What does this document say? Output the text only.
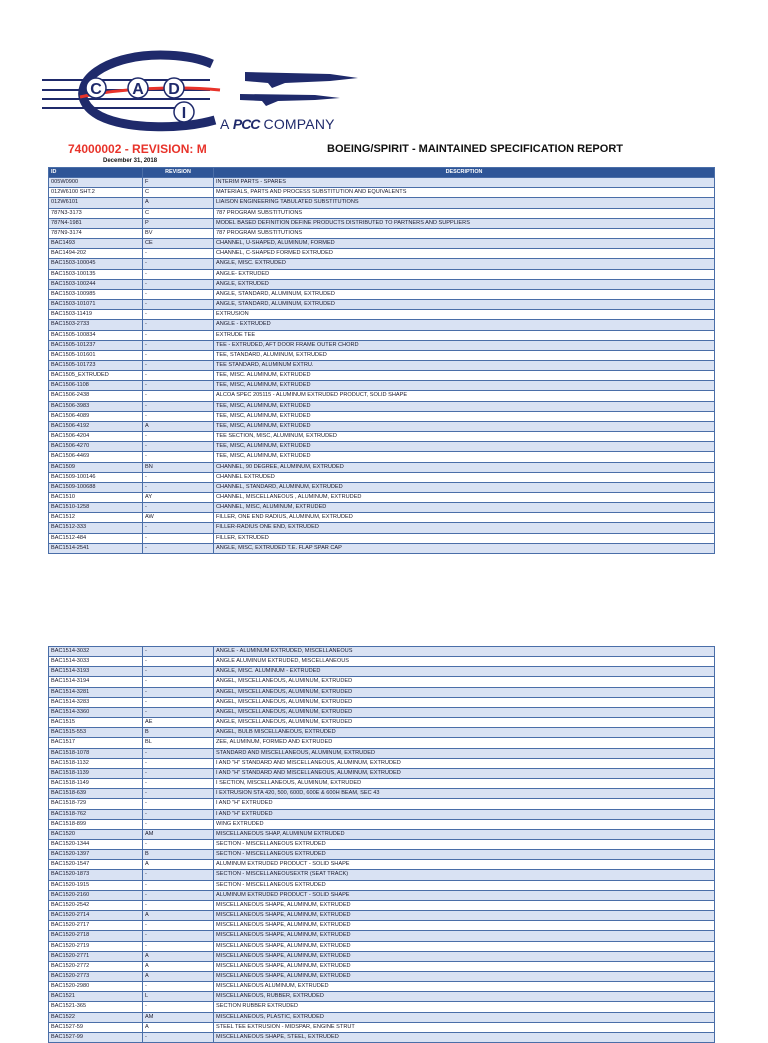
C A D
I
A PCC COMPANY
74000002 - REVISION: M	BOEING/SPIRIT - MAINTAINED SPECIFICATION REPORT
December 31, 2018
ID	REVISION	DESCRIPTION
005W0900	F	INTERIM PARTS - SPARES
012W6100 SHT.2	C	MATERIALS, PARTS AND PROCESS SUBSTITUTION AND EQUIVALENTS
012W6101	A	LIAISON ENGINEERING TABULATED SUBSTITUTIONS
787N3-3173	C	787 PROGRAM SUBSTITUTIONS
787N4-1981	P	MODEL BASED DEFINITION DEFINE PRODUCTS DISTRIBUTED TO PARTNERS AND SUPPLIERS
787N9-3174	BV	787 PROGRAM SUBSTITUTIONS
BAC1493	CE	CHANNEL, U-SHAPED, ALUMINUM, FORMED
BAC1494-202	-	CHANNEL, C-SHAPED FORMED EXTRUDED
BAC1503-100045	-	ANGLE, MISC. EXTRUDED
BAC1503-100135	-	ANGLE- EXTRUDED
BAC1503-100244	-	ANGLE, EXTRUDED
BAC1503-100985	-	ANGLE, STANDARD, ALUMINUM, EXTRUDED
BAC1503-101071	-	ANGLE, STANDARD, ALUMINUM, EXTRUDED
BAC1503-11419	-	EXTRUSION
BAC1503-2733	-	ANGLE - EXTRUDED
BAC1505-100834	-	EXTRUDE TEE
BAC1505-101237	-	TEE - EXTRUDED, AFT DOOR FRAME OUTER CHORD
BAC1505-101601	-	TEE, STANDARD, ALUMINUM, EXTRUDED
BAC1505-101723	-	TEE STANDARD, ALUMINUM EXTRU.
BAC1505_EXTRUDED	-	TEE, MISC. ALUMINUM, EXTRUDED
BAC1506-1108	-	TEE, MISC, ALUMINUM, EXTRUDED
BAC1506-2438	-	ALCOA SPEC 205115 - ALUMINUM EXTRUDED PRODUCT, SOLID SHAPE
BAC1506-3983	-	TEE, MISC, ALUMINUM, EXTRUDED
BAC1506-4089	-	TEE, MISC, ALUMINUM, EXTRUDED
BAC1506-4192	A	TEE, MISC, ALUMINUM, EXTRUDED
BAC1506-4204	-	TEE SECTION, MISC, ALUMINUM, EXTRUDED
BAC1506-4270	-	TEE, MISC, ALUMINUM, EXTRUDED
BAC1506-4469	-	TEE, MISC, ALUMINUM, EXTRUDED
BAC1509	BN	CHANNEL, 90 DEGREE, ALUMINUM, EXTRUDED
BAC1509-100146	-	CHANNEL EXTRUDED
BAC1509-100688	-	CHANNEL, STANDARD, ALUMINUM, EXTRUDED
BAC1510	AY	CHANNEL, MISCELLANEOUS , ALUMINUM, EXTRUDED
BAC1510-1258	-	CHANNEL, MISC, ALUMINUM, EXTRUDED
BAC1512	AW	FILLER, ONE END RADIUS, ALUMINUM, EXTRUDED
BAC1512-333	-	FILLER-RADIUS ONE END, EXTRUDED
BAC1512-484	-	FILLER, EXTRUDED
BAC1514-2541	-	ANGLE, MISC, EXTRUDED T.E. FLAP SPAR CAP
BAC1514-3032	-	ANGLE - ALUMINUM EXTRUDED, MISCELLANEOUS
BAC1514-3033	-	ANGLE ALUMINUM EXTRUDED, MISCELLANEOUS
BAC1514-3193	-	ANGLE, MISC. ALUMINUM - EXTRUDED
BAC1514-3194	-	ANGEL, MISCELLANEOUS, ALUMINUM, EXTRUDED
BAC1514-3281	-	ANGEL, MISCELLANEOUS, ALUMINUM, EXTRUDED
BAC1514-3283	-	ANGEL, MISCELLANEOUS, ALUMINUM, EXTRUDED
BAC1514-3360	-	ANGEL, MISCELLANEOUS, ALUMINUM, EXTRUDED
BAC1515	AE	ANGLE, MISCELLANEOUS, ALUMINUM, EXTRUDED
BAC1515-553	B	ANGEL, BULB MISCELLANEOUS, EXTRUDED
BAC1517	BL	ZEE, ALUMINUM, FORMED AND EXTRUDED
BAC1518-1078	-	STANDARD AND MISCELLANEOUS, ALUMINUM, EXTRUDED
BAC1518-1132	-	I AND "H" STANDARD AND MISCELLANEOUS, ALUMINUM, EXTRUDED
BAC1518-1139	-	I AND "H" STANDARD AND MISCELLANEOUS, ALUMINUM, EXTRUDED
BAC1518-1149	-	I SECTION, MISCELLANEOUS, ALUMINUM, EXTRUDED
BAC1518-639	-	I EXTRUSION STA 420, 500, 600D, 600E & 600H BEAM, SEC 43
BAC1518-729	-	I AND "H" EXTRUDED
BAC1518-762	-	I AND "H" EXTRUDED
BAC1518-899	-	WING EXTRUDED
BAC1520	AM	MISCELLANEOUS SHAP, ALUMINUM EXTRUDED
BAC1520-1344	-	SECTION - MISCELLANEOUS EXTRUDED
BAC1520-1397	B	SECTION - MISCELLANEOUS EXTRUDED
BAC1520-1547	A	ALUMINUM EXTRUDED PRODUCT - SOLID SHAPE
BAC1520-1873	-	SECTION - MISCELLANEOUSEXTR (SEAT TRACK)
BAC1520-1915	-	SECTION - MISCELLANEOUS EXTRUDED
BAC1520-2160	-	ALUMINUM EXTRUDED PRODUCT - SOLID SHAPE
BAC1520-2542	-	MISCELLANEOUS SHAPE, ALUMINUM, EXTRUDED
BAC1520-2714	A	MISCELLANEOUS SHAPE, ALUMINUM, EXTRUDED
BAC1520-2717	-	MISCELLANEOUS SHAPE, ALUMINUM, EXTRUDED
BAC1520-2718	-	MISCELLANEOUS SHAPE, ALUMINUM, EXTRUDED
BAC1520-2719	-	MISCELLANEOUS SHAPE, ALUMINUM, EXTRUDED
BAC1520-2771	A	MISCELLANEOUS SHAPE, ALUMINUM, EXTRUDED
BAC1520-2772	A	MISCELLANEOUS SHAPE, ALUMINUM, EXTRUDED
BAC1520-2773	A	MISCELLANEOUS SHAPE, ALUMINUM, EXTRUDED
BAC1520-2980	-	MISCELLANEOUS ALUMINUM, EXTRUDED
BAC1521	L	MISCELLANEOUS, RUBBER, EXTRUDED
BAC1521-365	-	SECTION RUBBER EXTRUDED
BAC1522	AM	MISCELLANEOUS, PLASTIC, EXTRUDED
BAC1527-59	A	STEEL TEE EXTRUSION - MIDSPAR, ENGINE STRUT
BAC1527-99	-	MISCELLANEOUS SHAPE, STEEL, EXTRUDED
